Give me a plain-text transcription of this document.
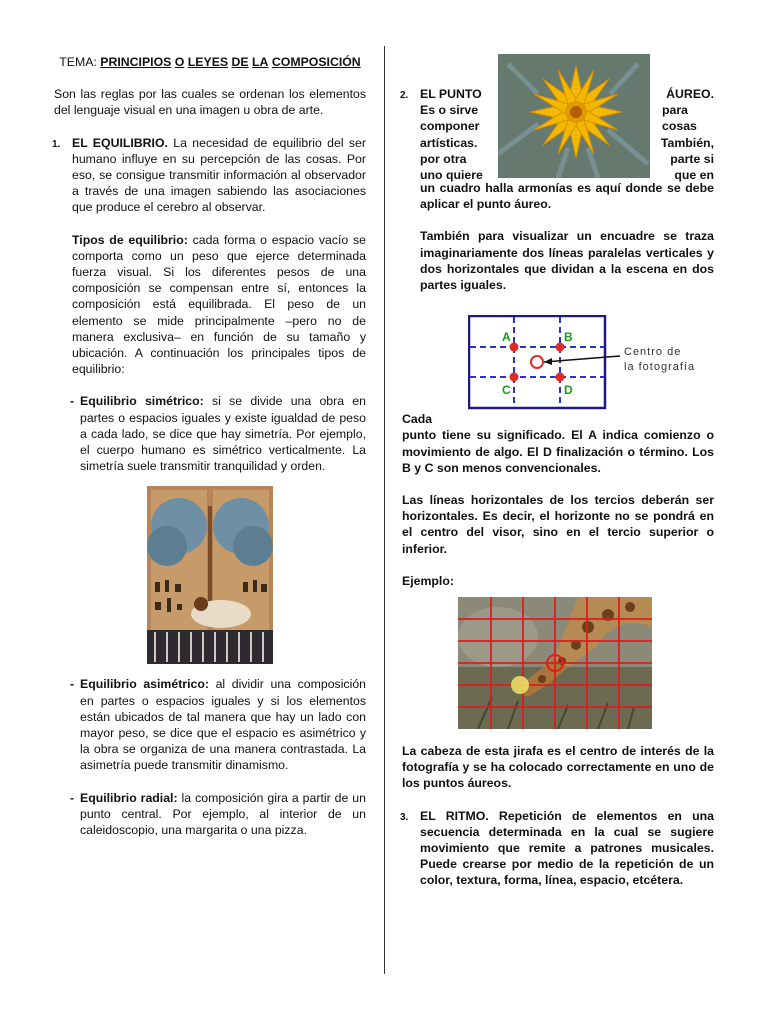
TEMA: PRINCIPIOS O LEYES DE LA COMPOSICIÓN

Son las reglas por las cuales se ordenan los elementos del lenguaje visual en una imagen u obra de arte.

1. EL EQUILIBRIO. La necesidad de equilibrio del ser humano influye en su percepción de las cosas. Por eso, se consigue transmitir información al observador a través de una imagen sabiendo las asociaciones que produce el cerebro al observar.

Tipos de equilibrio: cada forma o espacio vacío se comporta como un peso que ejerce determinada fuerza visual. Si los diferentes pesos de una composición se compensan entre sí, entonces la composición está equilibrada. El peso de un elemento se mide principalmente –pero no de manera exclusiva– en función de su tamaño y ubicación. A continuación los principales tipos de equilibrio:

- Equilibrio simétrico: si se divide una obra en partes o espacios iguales y existe igualdad de peso a cada lado, se dice que hay simetría. Por ejemplo, el cuerpo humano es simétrico verticalmente. La simetría suele transmitir tranquilidad y orden.

- Equilibrio asimétrico: al dividir una composición en partes o espacios iguales y si los elementos están ubicados de tal manera que hay un lado con mayor peso, se dice que el espacio es asimétrico y la obra se organiza de una manera contrastada. La asimetría puede transmitir dinamismo.

- Equilibrio radial: la composición gira a partir de un punto central. Por ejemplo, al interior de un caleidoscopio, una margarita o una pizza.

2. EL PUNTO	ÁUREO.
Es o sirve	para
componer	cosas
artísticas.	También,
por otra	parte si
uno quiere	que en

un cuadro halla armonías es aquí donde se debe aplicar el punto áureo.

También para visualizar un encuadre se traza imaginariamente dos líneas paralelas verticales y dos horizontales que dividan a la escena en dos partes iguales.

A	B
C	D
Centro de
la fotografía

Cada

punto tiene su significado. El A indica comienzo o movimiento de algo. El D finalización o término. Los B y C son menos convencionales.

Las líneas horizontales de los tercios deberán ser horizontales. Es decir, el horizonte no se pondrá en el centro del visor, sino en el tercio superior o inferior.

Ejemplo:

La cabeza de esta jirafa es el centro de interés de la fotografía y se ha colocado correctamente en uno de los puntos áureos.

3. EL RITMO. Repetición de elementos en una secuencia determinada en la cual se sugiere movimiento que remite a patrones musicales. Puede crearse por medio de la repetición de un color, textura, forma, línea, espacio, etcétera.
